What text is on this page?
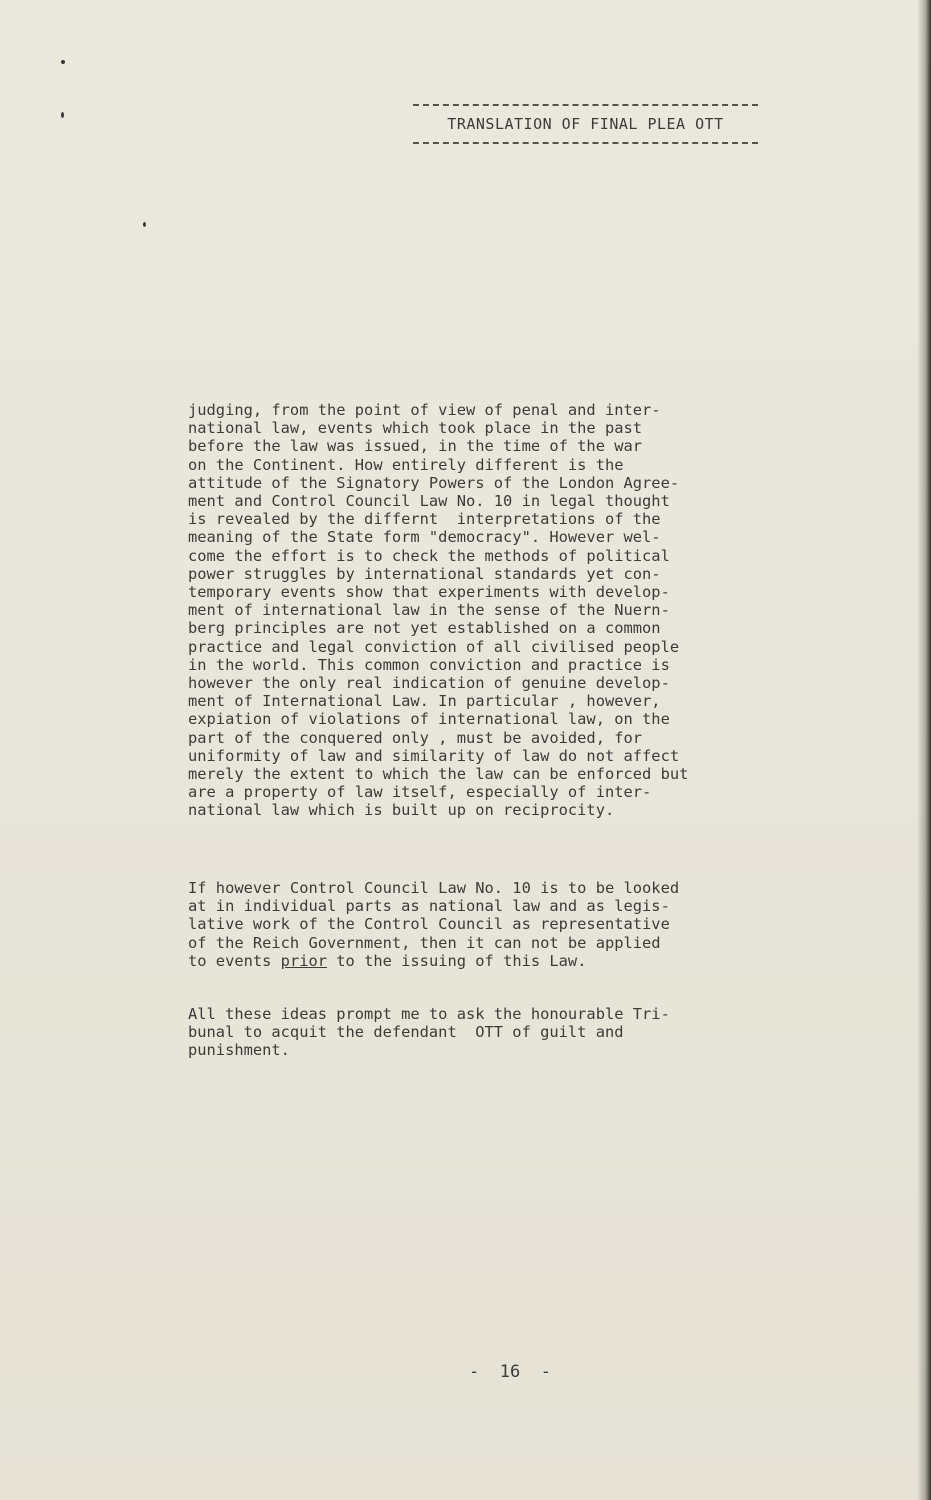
TRANSLATION OF FINAL PLEA OTT
judging, from the point of view of penal and inter-
national law, events which took place in the past
before the law was issued, in the time of the war
on the Continent. How entirely different is the
attitude of the Signatory Powers of the London Agree-
ment and Control Council Law No. 10 in legal thought
is revealed by the differnt  interpretations of the
meaning of the State form "democracy". However wel-
come the effort is to check the methods of political
power struggles by international standards yet con-
temporary events show that experiments with develop-
ment of international law in the sense of the Nuern-
berg principles are not yet established on a common
practice and legal conviction of all civilised people
in the world. This common conviction and practice is
however the only real indication of genuine develop-
ment of International Law. In particular , however,
expiation of violations of international law, on the
part of the conquered only , must be avoided, for
uniformity of law and similarity of law do not affect
merely the extent to which the law can be enforced but
are a property of law itself, especially of inter-
national law which is built up on reciprocity.
If however Control Council Law No. 10 is to be looked
at in individual parts as national law and as legis-
lative work of the Control Council as representative
of the Reich Government, then it can not be applied
to events prior to the issuing of this Law.
All these ideas prompt me to ask the honourable Tri-
bunal to acquit the defendant  OTT of guilt and
punishment.
-  16  -
